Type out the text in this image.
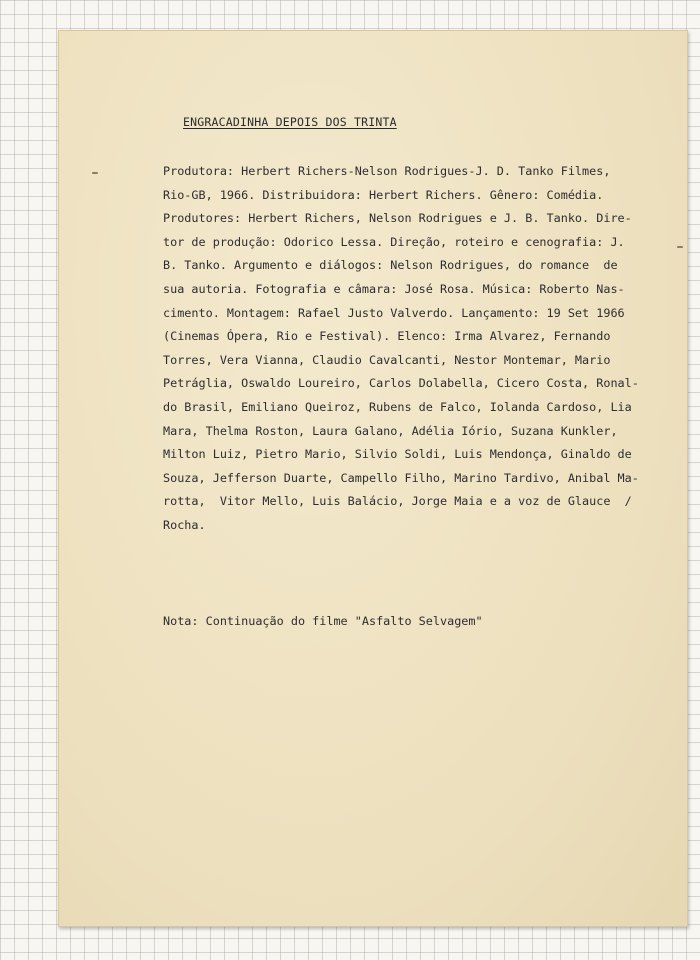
ENGRACADINHA DEPOIS DOS TRINTA
Produtora: Herbert Richers-Nelson Rodrigues-J. D. Tanko Filmes,
Rio-GB, 1966. Distribuidora: Herbert Richers. Gênero: Comédia.
Produtores: Herbert Richers, Nelson Rodrigues e J. B. Tanko. Dire-
tor de produção: Odorico Lessa. Direção, roteiro e cenografia: J.
B. Tanko. Argumento e diálogos: Nelson Rodrigues, do romance  de
sua autoria. Fotografia e câmara: José Rosa. Música: Roberto Nas-
cimento. Montagem: Rafael Justo Valverdo. Lançamento: 19 Set 1966
(Cinemas Ópera, Rio e Festival). Elenco: Irma Alvarez, Fernando
Torres, Vera Vianna, Claudio Cavalcanti, Nestor Montemar, Mario
Petráglia, Oswaldo Loureiro, Carlos Dolabella, Cicero Costa, Ronal-
do Brasil, Emiliano Queiroz, Rubens de Falco, Iolanda Cardoso, Lia
Mara, Thelma Roston, Laura Galano, Adélia Iório, Suzana Kunkler,
Milton Luiz, Pietro Mario, Silvio Soldi, Luis Mendonça, Ginaldo de
Souza, Jefferson Duarte, Campello Filho, Marino Tardivo, Anibal Ma-
rotta,  Vitor Mello, Luis Balácio, Jorge Maia e a voz de Glauce  /
Rocha.
Nota: Continuação do filme "Asfalto Selvagem"
